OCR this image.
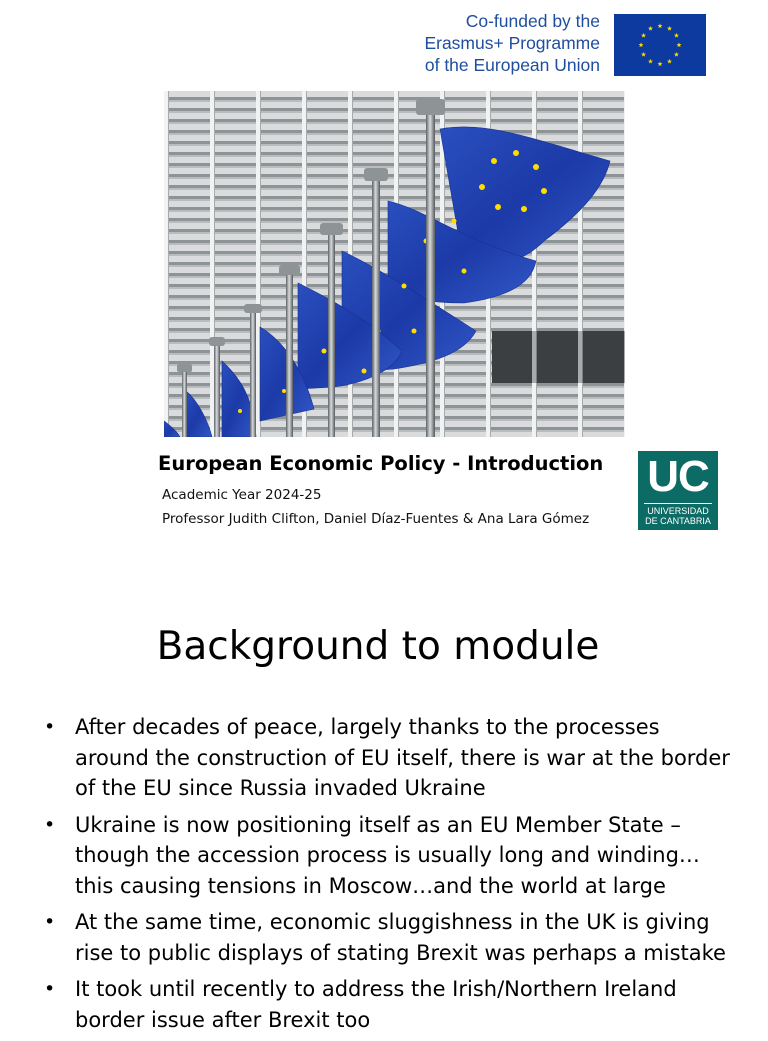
Co-funded by the
Erasmus+ Programme
of the European Union
European Economic Policy - Introduction
Academic Year 2024-25
Professor Judith Clifton, Daniel Díaz-Fuentes & Ana Lara Gómez
UC
UNIVERSIDAD
DE CANTABRIA
Background to module
• After decades of peace, largely thanks to the processes around the construction of EU itself, there is war at the border of the EU since Russia invaded Ukraine
• Ukraine is now positioning itself as an EU Member State – though the accession process is usually long and winding…this causing tensions in Moscow…and the world at large
• At the same time, economic sluggishness in the UK is giving rise to public displays of stating Brexit was perhaps a mistake
• It took until recently to address the Irish/Northern Ireland border issue after Brexit too
